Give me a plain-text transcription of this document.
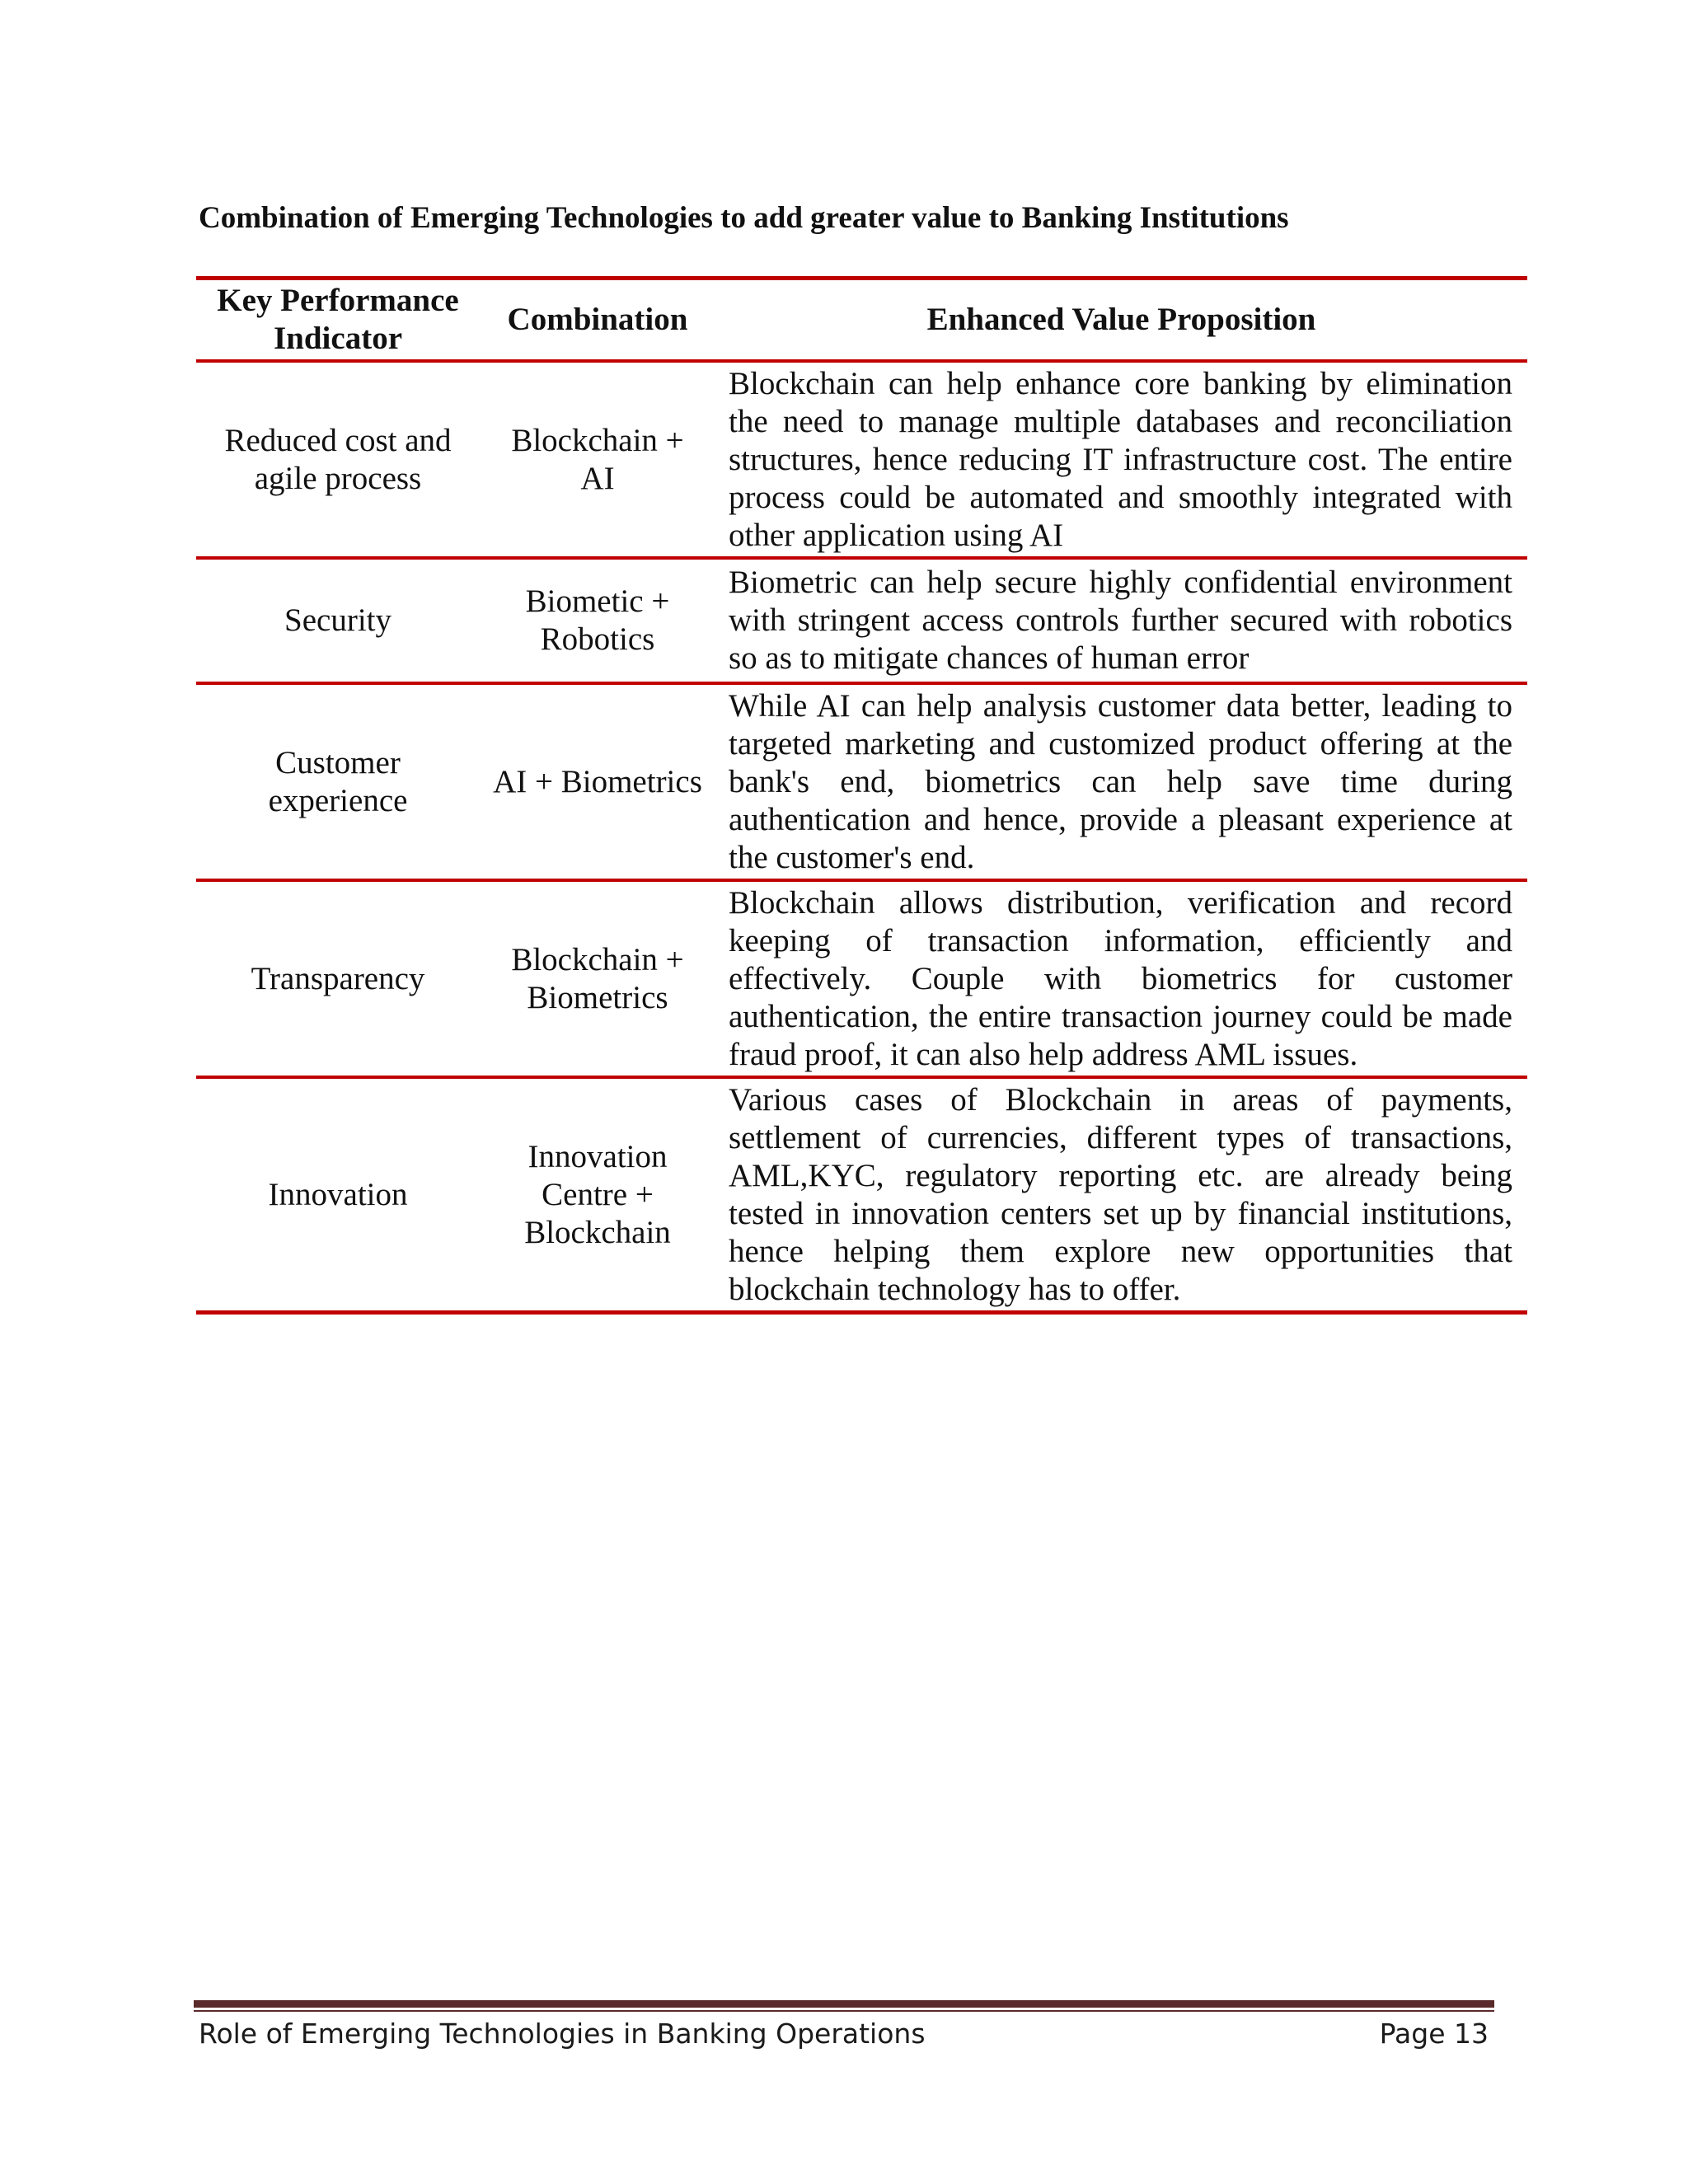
Combination of Emerging Technologies to add greater value to Banking Institutions
Key Performance Indicator	Combination	Enhanced Value Proposition
Reduced cost and agile process	Blockchain + AI	Blockchain can help enhance core banking by elimination the need to manage multiple databases and reconciliation structures, hence reducing IT infrastructure cost. The entire process could be automated and smoothly integrated with other application using AI
Security	Biometic + Robotics	Biometric can help secure highly confidential environment with stringent access controls further secured with robotics so as to mitigate chances of human error
Customer experience	AI + Biometrics	While AI can help analysis customer data better, leading to targeted marketing and customized product offering at the bank's end, biometrics can help save time during authentication and hence, provide a pleasant experience at the customer's end.
Transparency	Blockchain + Biometrics	Blockchain allows distribution, verification and record keeping of transaction information, efficiently and effectively. Couple with biometrics for customer authentication, the entire transaction journey could be made fraud proof, it can also help address AML issues.
Innovation	Innovation Centre + Blockchain	Various cases of Blockchain in areas of payments, settlement of currencies, different types of transactions, AML,KYC, regulatory reporting etc. are already being tested in innovation centers set up by financial institutions, hence helping them explore new opportunities that blockchain technology has to offer.
Role of Emerging Technologies in Banking Operations	Page 13
